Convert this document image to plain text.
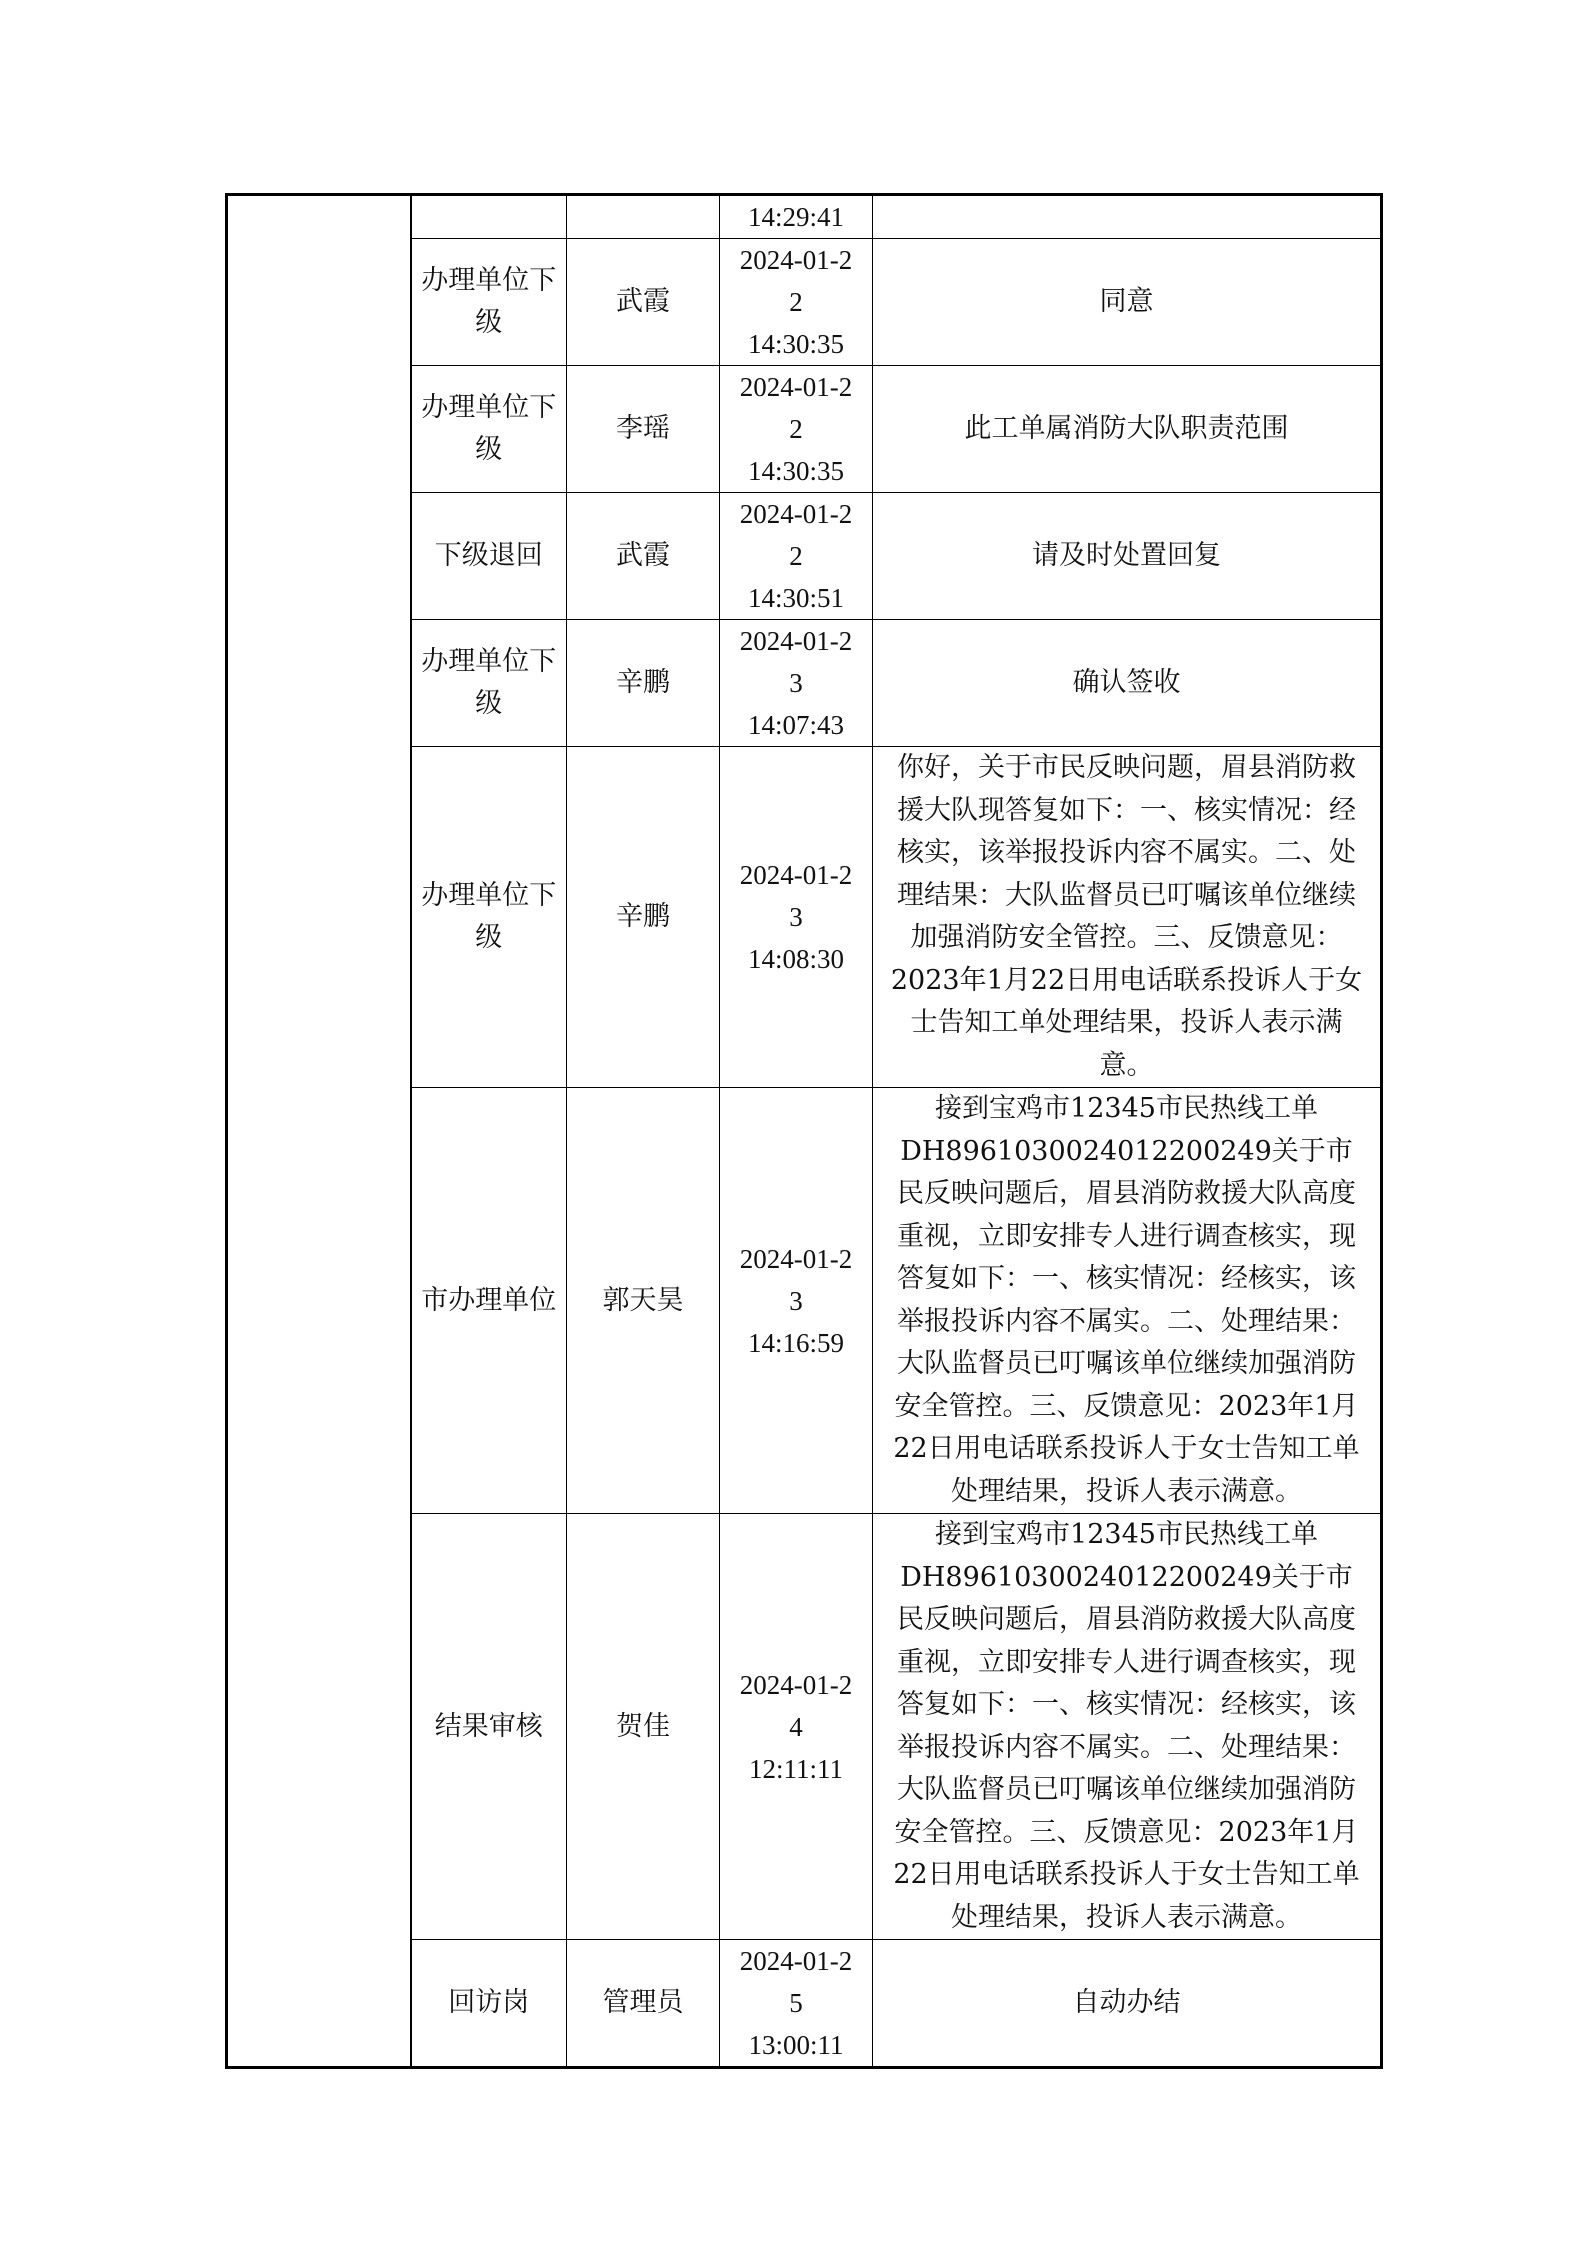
			14:29:41	

	办理单位下级	武霞	2024-01-2
2
14:30:35	同意
	办理单位下级	李瑶	2024-01-2
2
14:30:35	此工单属消防大队职责范围
	下级退回	武霞	2024-01-2
2
14:30:51	请及时处置回复
	办理单位下级	辛鹏	2024-01-2
3
14:07:43	确认签收
	办理单位下级	辛鹏	2024-01-2
3
14:08:30	你好，关于市民反映问题，眉县消防救援大队现答复如下：一、核实情况：经核实，该举报投诉内容不属实。二、处理结果：大队监督员已叮嘱该单位继续加强消防安全管控。三、反馈意见：2023年1月22日用电话联系投诉人于女士告知工单处理结果，投诉人表示满意。
	市办理单位	郭天昊	2024-01-2
3
14:16:59	接到宝鸡市12345市民热线工单DH8961030024012200249关于市民反映问题后，眉县消防救援大队高度重视，立即安排专人进行调查核实，现答复如下：一、核实情况：经核实，该举报投诉内容不属实。二、处理结果：大队监督员已叮嘱该单位继续加强消防安全管控。三、反馈意见：2023年1月22日用电话联系投诉人于女士告知工单处理结果，投诉人表示满意。
	结果审核	贺佳	2024-01-2
4
12:11:11	接到宝鸡市12345市民热线工单DH8961030024012200249关于市民反映问题后，眉县消防救援大队高度重视，立即安排专人进行调查核实，现答复如下：一、核实情况：经核实，该举报投诉内容不属实。二、处理结果：大队监督员已叮嘱该单位继续加强消防安全管控。三、反馈意见：2023年1月22日用电话联系投诉人于女士告知工单处理结果，投诉人表示满意。
	回访岗	管理员	2024-01-2
5
13:00:11	自动办结
